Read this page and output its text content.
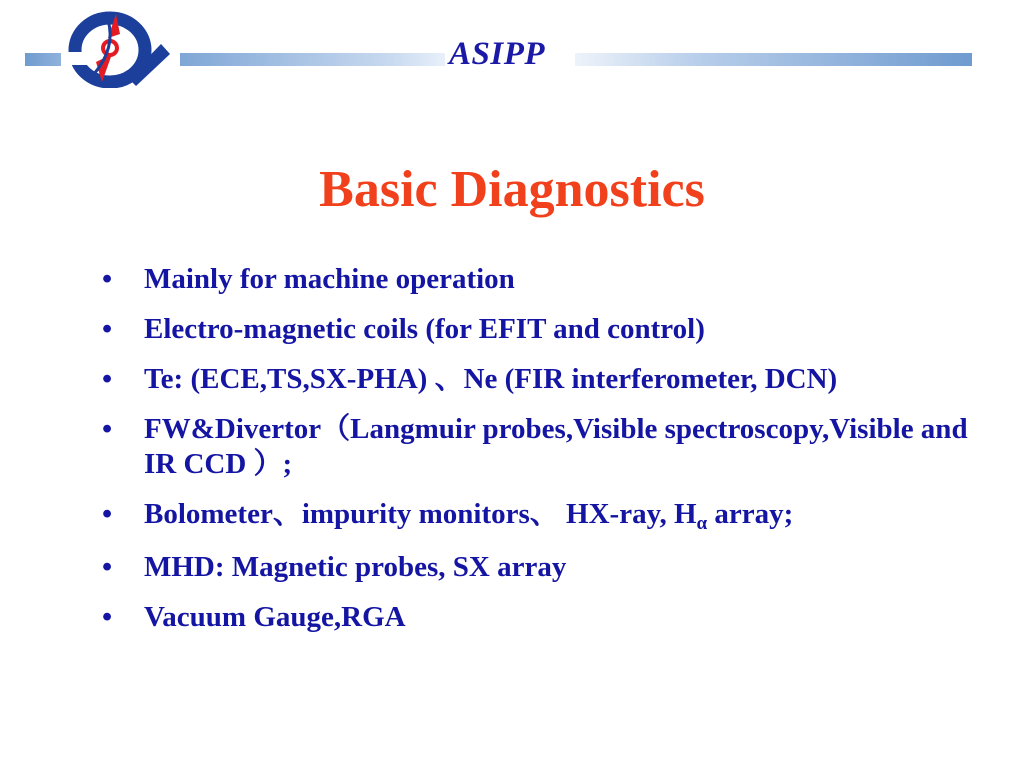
ASIPP
Basic Diagnostics
• Mainly for machine operation
• Electro-magnetic coils (for EFIT and control)
• Te: (ECE,TS,SX-PHA) 、Ne (FIR interferometer, DCN)
• FW&Divertor（Langmuir probes,Visible spectroscopy,Visible and IR CCD ）;
• Bolometer、impurity monitors、 HX-ray, $H_\alpha$ array;
• MHD: Magnetic probes, SX array
• Vacuum Gauge,RGA
